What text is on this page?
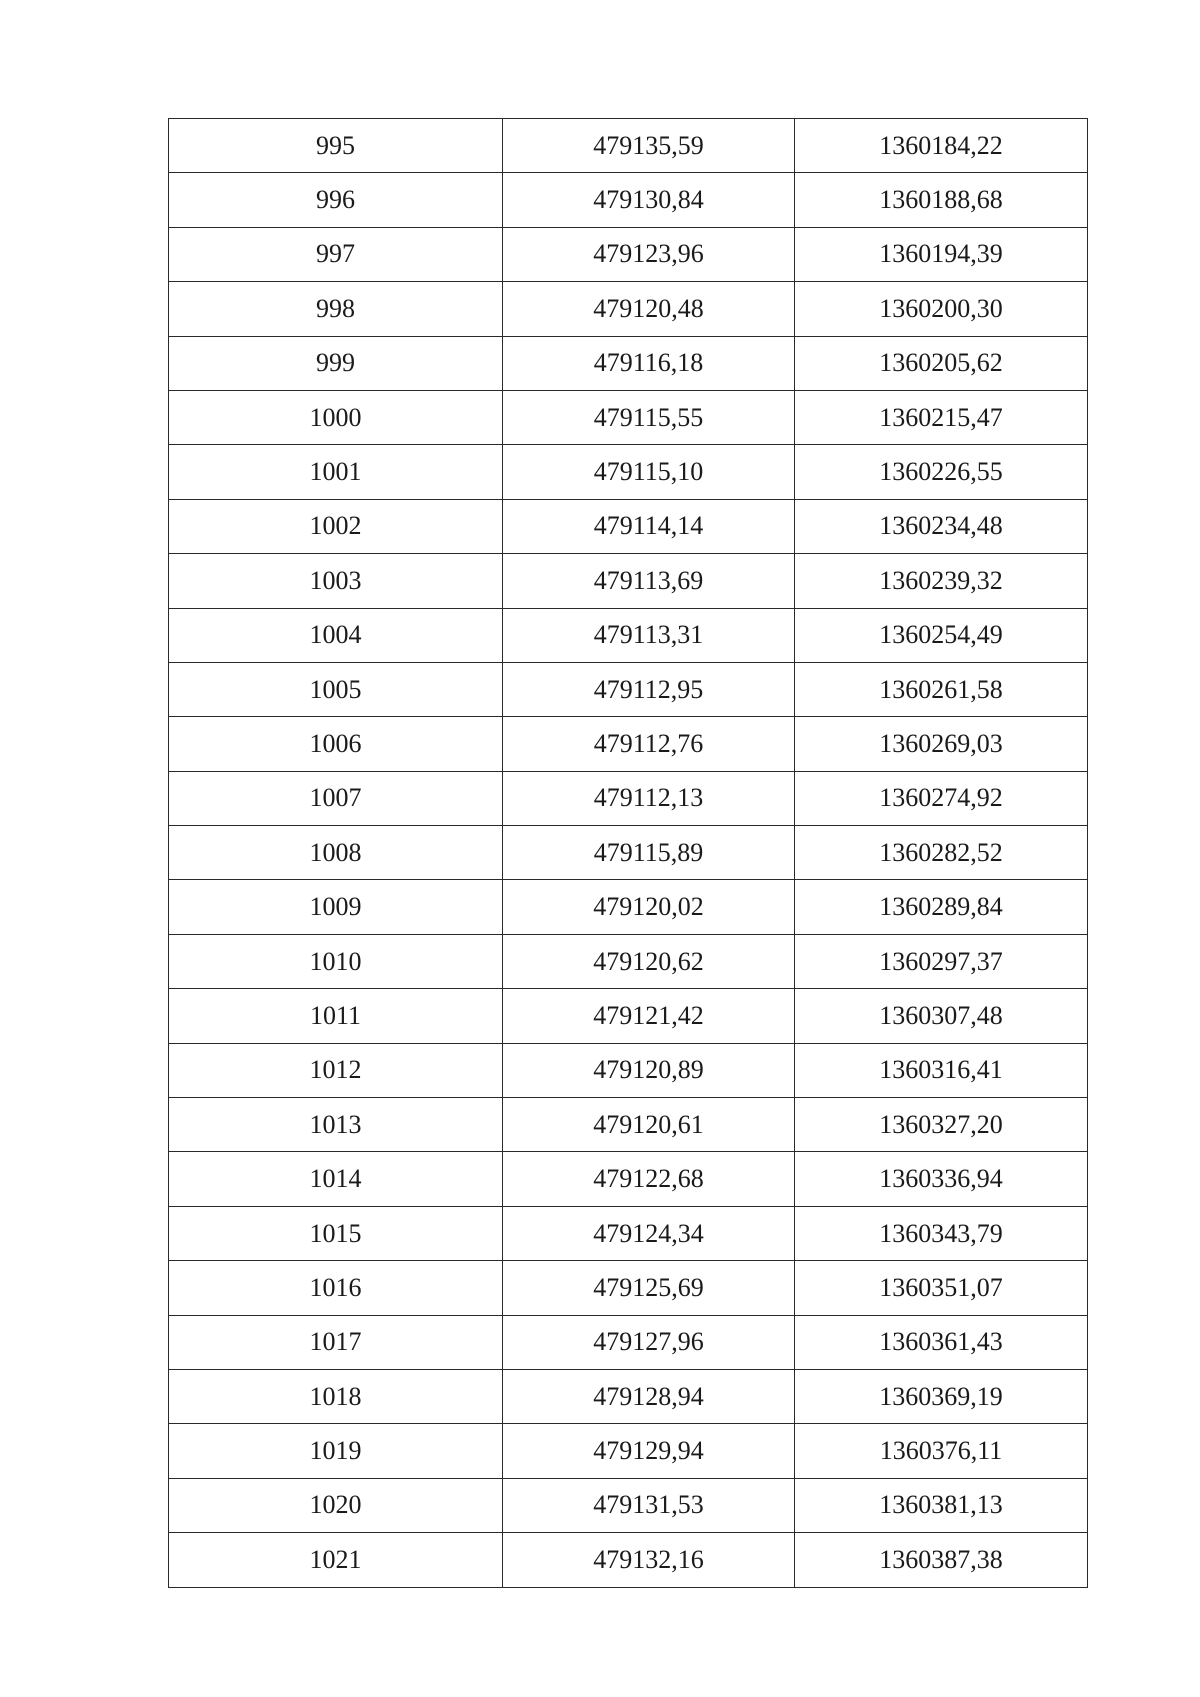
995	479135,59	1360184,22
996	479130,84	1360188,68
997	479123,96	1360194,39
998	479120,48	1360200,30
999	479116,18	1360205,62
1000	479115,55	1360215,47
1001	479115,10	1360226,55
1002	479114,14	1360234,48
1003	479113,69	1360239,32
1004	479113,31	1360254,49
1005	479112,95	1360261,58
1006	479112,76	1360269,03
1007	479112,13	1360274,92
1008	479115,89	1360282,52
1009	479120,02	1360289,84
1010	479120,62	1360297,37
1011	479121,42	1360307,48
1012	479120,89	1360316,41
1013	479120,61	1360327,20
1014	479122,68	1360336,94
1015	479124,34	1360343,79
1016	479125,69	1360351,07
1017	479127,96	1360361,43
1018	479128,94	1360369,19
1019	479129,94	1360376,11
1020	479131,53	1360381,13
1021	479132,16	1360387,38
